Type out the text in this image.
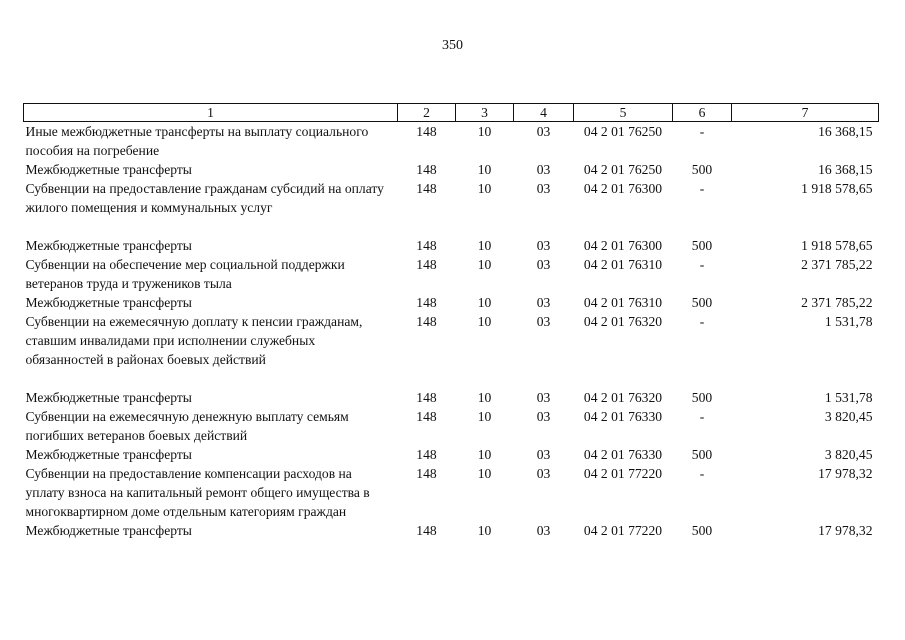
350
1	2	3	4	5	6	7
Иные межбюджетные трансферты на выплату социального пособия на погребение	148	10	03	04 2 01 76250	-	16 368,15
Межбюджетные трансферты	148	10	03	04 2 01 76250	500	16 368,15
Субвенции на предоставление гражданам субсидий на оплату жилого помещения и коммунальных услуг	148	10	03	04 2 01 76300	-	1 918 578,65

Межбюджетные трансферты	148	10	03	04 2 01 76300	500	1 918 578,65
Субвенции на обеспечение мер социальной поддержки ветеранов труда и тружеников тыла	148	10	03	04 2 01 76310	-	2 371 785,22
Межбюджетные трансферты	148	10	03	04 2 01 76310	500	2 371 785,22
Субвенции на ежемесячную доплату к пенсии гражданам, ставшим инвалидами при исполнении служебных обязанностей в районах боевых действий	148	10	03	04 2 01 76320	-	1 531,78

Межбюджетные трансферты	148	10	03	04 2 01 76320	500	1 531,78
Субвенции на ежемесячную денежную выплату семьям погибших ветеранов боевых действий	148	10	03	04 2 01 76330	-	3 820,45
Межбюджетные трансферты	148	10	03	04 2 01 76330	500	3 820,45
Субвенции на предоставление компенсации расходов на уплату взноса на капитальный ремонт общего имущества в многоквартирном доме отдельным категориям граждан	148	10	03	04 2 01 77220	-	17 978,32
Межбюджетные трансферты	148	10	03	04 2 01 77220	500	17 978,32
